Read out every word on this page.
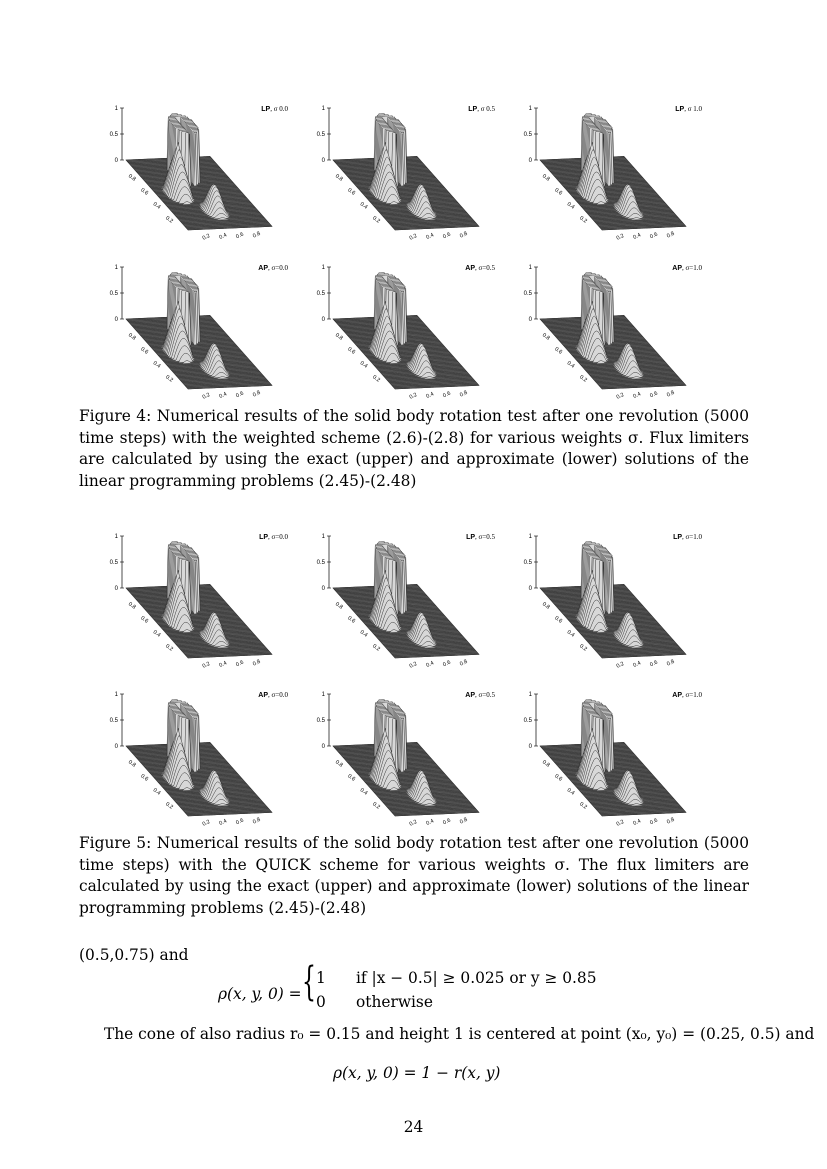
0
0.5
1
0.8
0.6
0.4
0.2
0.2 0.4 0.6 0.8
LP, σ 0.0
0
0.5
1
0.8
0.6
0.4
0.2
0.2 0.4 0.6 0.8
LP, σ 0.5
0
0.5
1
0.8
0.6
0.4
0.2
0.2 0.4 0.6 0.8
LP, σ 1.0
0
0.5
1
0.8
0.6
0.4
0.2
0.2 0.4 0.6 0.8
AP, σ=0.0
0
0.5
1
0.8
0.6
0.4
0.2
0.2 0.4 0.6 0.8
AP, σ=0.5
0
0.5
1
0.8
0.6
0.4
0.2
0.2 0.4 0.6 0.8
AP, σ=1.0
Figure 4: Numerical results of the solid body rotation test after one revolution (5000 time steps) with the weighted scheme (2.6)-(2.8) for various weights σ. Flux limiters are calculated by using the exact (upper) and approximate (lower) solutions of the linear programming problems (2.45)-(2.48)
0
0.5
1
0.8
0.6
0.4
0.2
0.2 0.4 0.6 0.8
LP, σ=0.0
0
0.5
1
0.8
0.6
0.4
0.2
0.2 0.4 0.6 0.8
LP, σ=0.5
0
0.5
1
0.8
0.6
0.4
0.2
0.2 0.4 0.6 0.8
LP, σ=1.0
0
0.5
1
0.8
0.6
0.4
0.2
0.2 0.4 0.6 0.8
AP, σ=0.0
0
0.5
1
0.8
0.6
0.4
0.2
0.2 0.4 0.6 0.8
AP, σ=0.5
0
0.5
1
0.8
0.6
0.4
0.2
0.2 0.4 0.6 0.8
AP, σ=1.0
Figure 5: Numerical results of the solid body rotation test after one revolution (5000 time steps) with the QUICK scheme for various weights σ. The flux limiters are calculated by using the exact (upper) and approximate (lower) solutions of the linear programming problems (2.45)-(2.48)
(0.5,0.75) and
ρ(x, y, 0) = { 1 if |x − 0.5| ≥ 0.025 or y ≥ 0.85
0 otherwise
The cone of also radius r₀ = 0.15 and height 1 is centered at point (x₀, y₀) = (0.25, 0.5) and
ρ(x, y, 0) = 1 − r(x, y)
24
